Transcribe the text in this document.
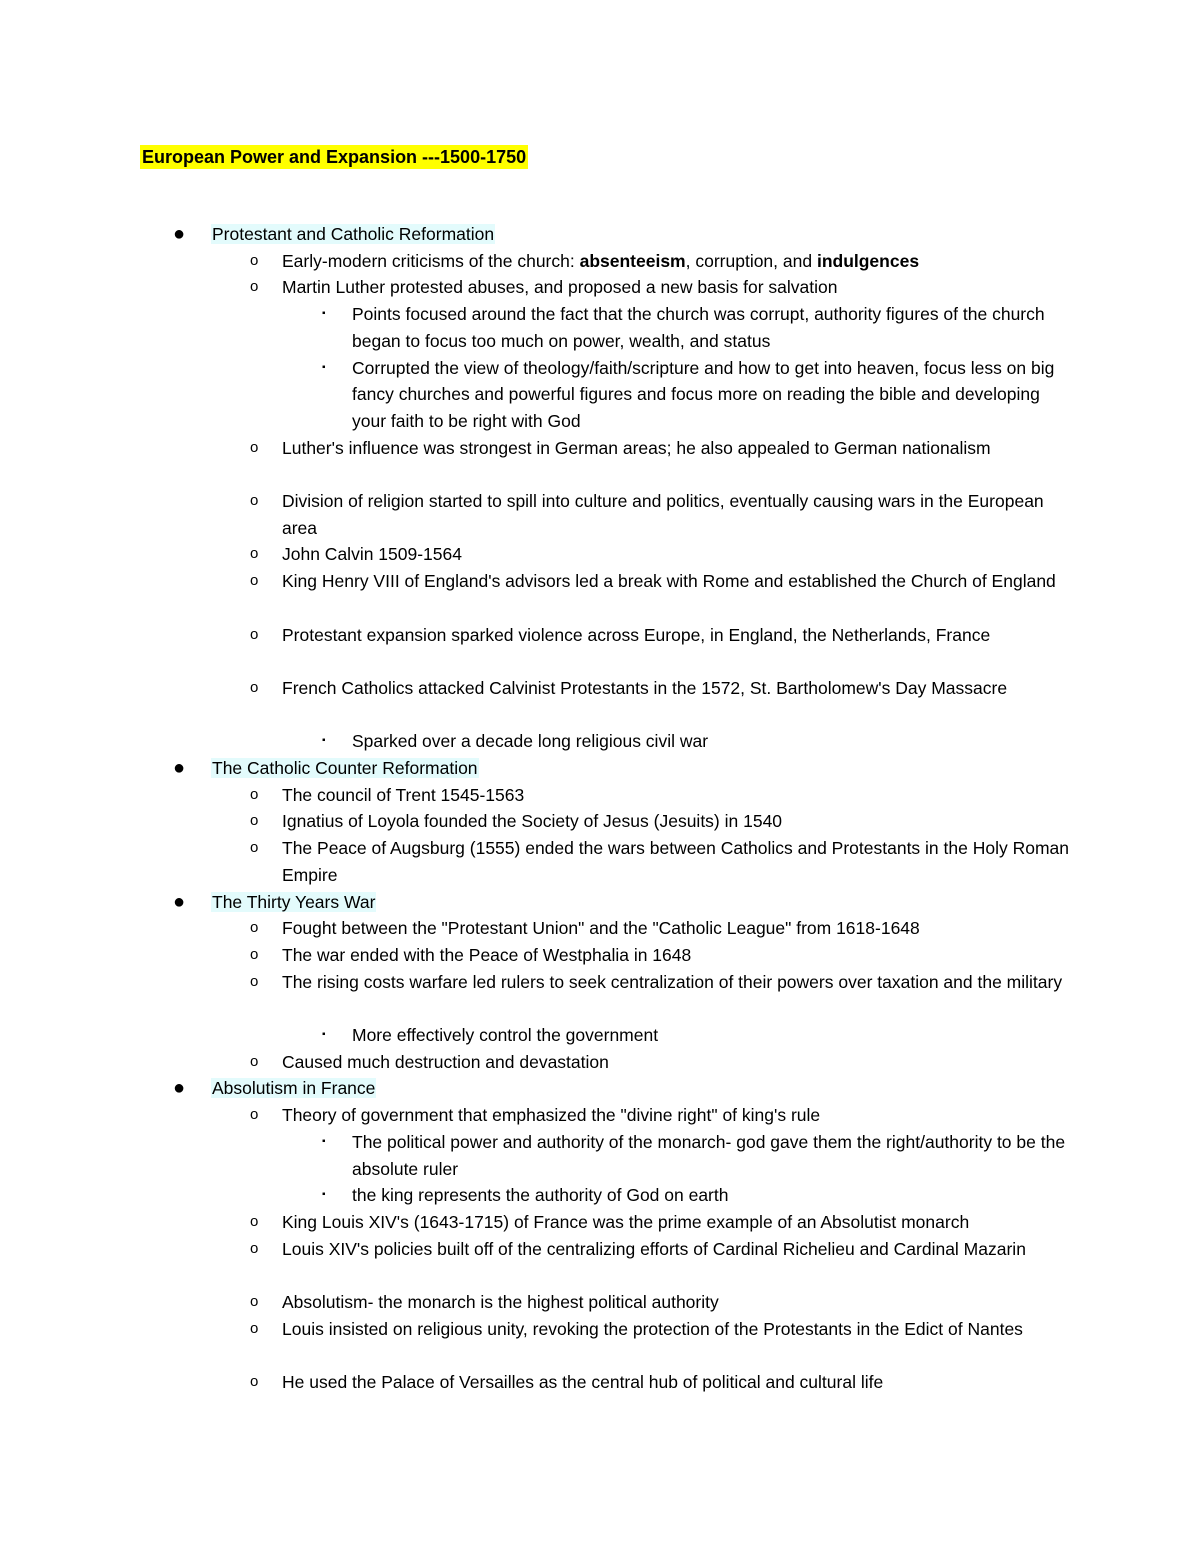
European Power and Expansion ---1500-1750
● Protestant and Catholic Reformation
o Early-modern criticisms of the church: absenteeism, corruption, and indulgences
o Martin Luther protested abuses, and proposed a new basis for salvation
▪ Points focused around the fact that the church was corrupt, authority figures of the church began to focus too much on power, wealth, and status
▪ Corrupted the view of theology/faith/scripture and how to get into heaven, focus less on big fancy churches and powerful figures and focus more on reading the bible and developing your faith to be right with God
o Luther's influence was strongest in German areas; he also appealed to German nationalism
o Division of religion started to spill into culture and politics, eventually causing wars in the European area
o John Calvin 1509-1564
o King Henry VIII of England's advisors led a break with Rome and established the Church of England
o Protestant expansion sparked violence across Europe, in England, the Netherlands, France
o French Catholics attacked Calvinist Protestants in the 1572, St. Bartholomew's Day Massacre
▪ Sparked over a decade long religious civil war
● The Catholic Counter Reformation
o The council of Trent 1545-1563
o Ignatius of Loyola founded the Society of Jesus (Jesuits) in 1540
o The Peace of Augsburg (1555) ended the wars between Catholics and Protestants in the Holy Roman Empire
● The Thirty Years War
o Fought between the "Protestant Union" and the "Catholic League" from 1618-1648
o The war ended with the Peace of Westphalia in 1648
o The rising costs warfare led rulers to seek centralization of their powers over taxation and the military
▪ More effectively control the government
o Caused much destruction and devastation
● Absolutism in France
o Theory of government that emphasized the "divine right" of king's rule
▪ The political power and authority of the monarch- god gave them the right/authority to be the absolute ruler
▪ the king represents the authority of God on earth
o King Louis XIV's (1643-1715) of France was the prime example of an Absolutist monarch
o Louis XIV's policies built off of the centralizing efforts of Cardinal Richelieu and Cardinal Mazarin
o Absolutism- the monarch is the highest political authority
o Louis insisted on religious unity, revoking the protection of the Protestants in the Edict of Nantes
o He used the Palace of Versailles as the central hub of political and cultural life
